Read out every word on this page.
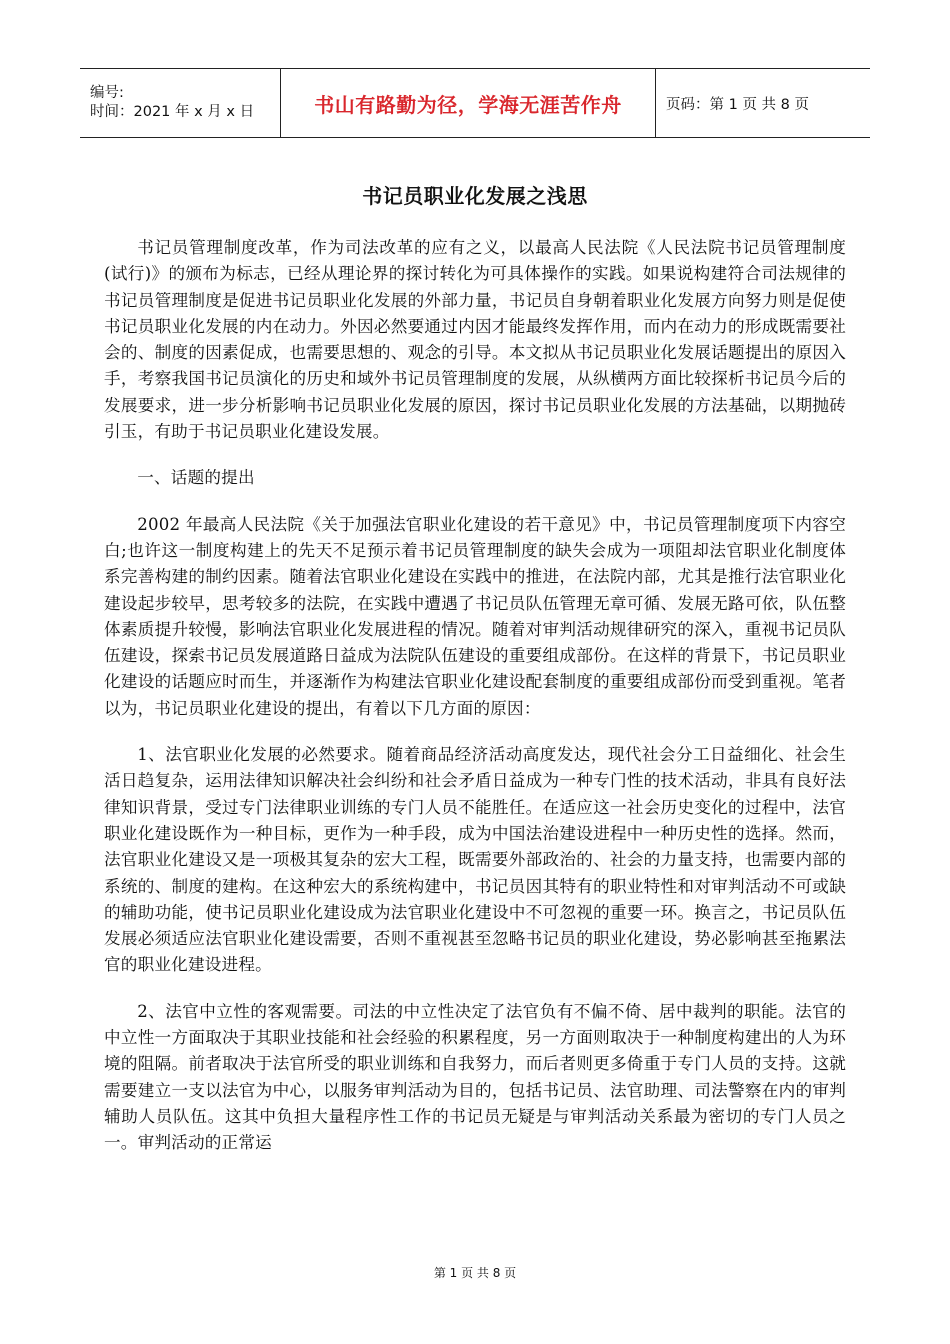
编号:
时间：2021 年 x 月 x 日	书山有路勤为径，学海无涯苦作舟	页码：第 1 页 共 8 页
书记员职业化发展之浅思

书记员管理制度改革，作为司法改革的应有之义，以最高人民法院《人民法院书记员管理制度(试行)》的颁布为标志，已经从理论界的探讨转化为可具体操作的实践。如果说构建符合司法规律的书记员管理制度是促进书记员职业化发展的外部力量，书记员自身朝着职业化发展方向努力则是促使书记员职业化发展的内在动力。外因必然要通过内因才能最终发挥作用，而内在动力的形成既需要社会的、制度的因素促成，也需要思想的、观念的引导。本文拟从书记员职业化发展话题提出的原因入手，考察我国书记员演化的历史和域外书记员管理制度的发展，从纵横两方面比较探析书记员今后的发展要求，进一步分析影响书记员职业化发展的原因，探讨书记员职业化发展的方法基础，以期抛砖引玉，有助于书记员职业化建设发展。

一、话题的提出

2002 年最高人民法院《关于加强法官职业化建设的若干意见》中，书记员管理制度项下内容空白;也许这一制度构建上的先天不足预示着书记员管理制度的缺失会成为一项阻却法官职业化制度体系完善构建的制约因素。随着法官职业化建设在实践中的推进，在法院内部，尤其是推行法官职业化建设起步较早，思考较多的法院，在实践中遭遇了书记员队伍管理无章可循、发展无路可依，队伍整体素质提升较慢，影响法官职业化发展进程的情况。随着对审判活动规律研究的深入，重视书记员队伍建设，探索书记员发展道路日益成为法院队伍建设的重要组成部份。在这样的背景下，书记员职业化建设的话题应时而生，并逐渐作为构建法官职业化建设配套制度的重要组成部份而受到重视。笔者以为，书记员职业化建设的提出，有着以下几方面的原因：

1、法官职业化发展的必然要求。随着商品经济活动高度发达，现代社会分工日益细化、社会生活日趋复杂，运用法律知识解决社会纠纷和社会矛盾日益成为一种专门性的技术活动，非具有良好法律知识背景，受过专门法律职业训练的专门人员不能胜任。在适应这一社会历史变化的过程中，法官职业化建设既作为一种目标，更作为一种手段，成为中国法治建设进程中一种历史性的选择。然而，法官职业化建设又是一项极其复杂的宏大工程，既需要外部政治的、社会的力量支持，也需要内部的系统的、制度的建构。在这种宏大的系统构建中，书记员因其特有的职业特性和对审判活动不可或缺的辅助功能，使书记员职业化建设成为法官职业化建设中不可忽视的重要一环。换言之，书记员队伍发展必须适应法官职业化建设需要，否则不重视甚至忽略书记员的职业化建设，势必影响甚至拖累法官的职业化建设进程。

2、法官中立性的客观需要。司法的中立性决定了法官负有不偏不倚、居中裁判的职能。法官的中立性一方面取决于其职业技能和社会经验的积累程度，另一方面则取决于一种制度构建出的人为环境的阻隔。前者取决于法官所受的职业训练和自我努力，而后者则更多倚重于专门人员的支持。这就需要建立一支以法官为中心，以服务审判活动为目的，包括书记员、法官助理、司法警察在内的审判辅助人员队伍。这其中负担大量程序性工作的书记员无疑是与审判活动关系最为密切的专门人员之一。审判活动的正常运

第 1 页 共 8 页
